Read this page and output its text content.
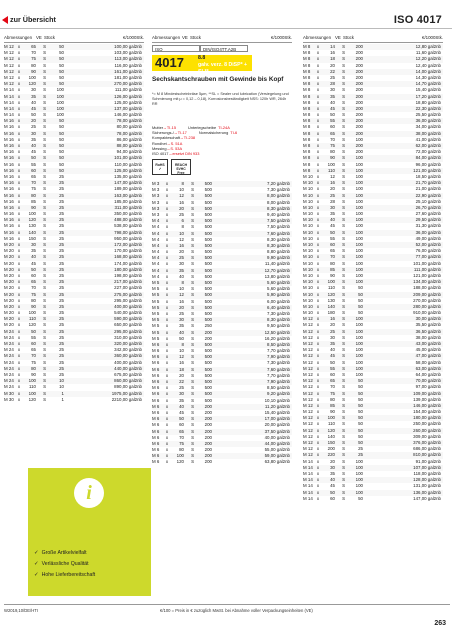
zur Übersicht	ISO 4017
Abmessungen VE Stück	€/1000Stk.
M 12 x	65	S	50	100,00 gal2nb
M 12 x	70	S	50	103,00 gal2nb
M 12 x	75	S	50	113,00 gal2nb
M 12 x	80	S	50	116,00 gal2nb
M 12 x	90	S	50	161,00 gal2nb
M 12 x	100	S	50	181,00 gal2nb
M 12 x	120	S	50	270,00 gal2nb
M 14 x	30	S	100	111,00 gal2nb
M 14 x	35	S	100	126,00 gal2nb
M 14 x	40	S	100	125,00 gal2nb
M 14 x	45	S	100	137,00 gal2nb
M 14 x	50	S	100	146,00 gal2nb
M 16 x	20	S	50	78,00 gal2nb
M 16 x	25	S	50	80,00 gal2nb
M 16 x	30	S	50	78,00 gal2nb
M 16 x	35	S	50	86,00 gal2nb
M 16 x	40	S	50	88,00 gal2nb
M 16 x	45	S	50	94,00 gal2nb
M 16 x	50	S	50	101,00 gal2nb
M 16 x	55	S	50	110,00 gal2nb
M 16 x	60	S	50	125,00 gal2nb
M 16 x	65	S	25	135,00 gal2nb
M 16 x	70	S	25	147,00 gal2nb
M 16 x	75	S	25	189,00 gal2nb
M 16 x	80	S	25	163,00 gal2nb
M 16 x	85	S	25	185,00 gal2nb
M 16 x	90	S	25	311,00 gal2nb
M 16 x	100	S	25	350,00 gal2nb
M 16 x	120	S	25	488,00 gal2nb
M 16 x	130	S	25	538,00 gal2nb
M 16 x	140	S	25	798,00 gal2nb
M 16 x	150	S	25	950,00 gal2nb
M 20 x	30	S	25	172,00 gal2nb
M 20 x	35	S	25	170,00 gal2nb
M 20 x	40	S	25	168,00 gal2nb
M 20 x	45	S	25	174,00 gal2nb
M 20 x	50	S	25	180,00 gal2nb
M 20 x	60	S	25	198,00 gal2nb
M 20 x	65	S	25	217,00 gal2nb
M 20 x	70	S	25	227,00 gal2nb
M 20 x	75	S	25	275,00 gal2nb
M 20 x	80	S	25	295,00 gal2nb
M 20 x	90	S	25	400,00 gal2nb
M 20 x	100	S	25	540,00 gal2nb
M 20 x	110	S	25	590,00 gal2nb
M 20 x	120	S	25	650,00 gal2nb
M 24 x	50	S	25	295,00 gal2nb
M 24 x	55	S	25	310,00 gal2nb
M 24 x	60	S	25	320,00 gal2nb
M 24 x	65	S	25	342,00 gal2nb
M 24 x	70	S	25	360,00 gal2nb
M 24 x	75	S	25	400,00 gal2nb
M 24 x	80	S	25	440,00 gal2nb
M 24 x	90	S	25	675,00 gal2nb
M 24 x	100	S	10	860,00 gal2nb
M 24 x	110	S	10	890,00 gal2nb
M 30 x	100	S	1	1975,00 gal2nb
M 30 x	120	S	1	2210,00 gal2nb
Abmessungen VE Stück	€/1000Stk.
ISO	DIN/ISO4TT.A2B
4017	8.8
galv. verz. 8 DiSP* + SL**
Sechskantschrauben mit Gewinde bis Kopf
*= M 8 Mindestscheinbräse 5μm, **SL = Sealer und lubrication (Versiegelung und Schmierung mit μ = 0,12 – 0,18), Korrosionsbeständigkeit NSS: 120h WR, 264h RR
Mutter → TI-15	Unterlegscheibe TI-24A
Sicherungs-/ → TI-17	Normalsicherung TI-6
Kompakteschaft → TI-238
Rondhet → S. 51A
Messing → S. 53A
ISO 4017 → ersetzt DIN 933
RoHS
✓
REACH
SVHC
Free
M 3	x	8	S	500	7,20 gal2nb
M 3	x	10	S	500	7,30 gal2nb
M 3	x	12	S	500	8,00 gal2nb
M 3	x	16	S	500	8,00 gal2nb
M 3	x	20	S	500	8,30 gal2nb
M 3	x	25	S	500	9,40 gal2nb
M 4	x	6	S	500	7,50 gal2nb
M 4	x	8	S	500	7,50 gal2nb
M 4	x	10	S	500	7,60 gal2nb
M 4	x	12	S	500	8,30 gal2nb
M 4	x	16	S	500	8,30 gal2nb
M 4	x	20	S	500	8,80 gal2nb
M 4	x	25	S	500	9,90 gal2nb
M 4	x	30	S	500	11,40 gal2nb
M 4	x	35	S	500	12,70 gal2nb
M 4	x	40	S	500	13,80 gal2nb
M 5	x	8	S	500	5,60 gal2nb
M 5	x	10	S	500	5,60 gal2nb
M 5	x	12	S	500	5,90 gal2nb
M 5	x	16	S	500	6,00 gal2nb
M 5	x	20	S	500	6,40 gal2nb
M 5	x	25	S	500	7,30 gal2nb
M 5	x	30	S	500	8,30 gal2nb
M 5	x	35	S	250	9,50 gal2nb
M 5	x	40	S	200	12,50 gal2nb
M 5	x	50	S	200	16,20 gal2nb
M 6	x	8	S	500	8,50 gal2nb
M 6	x	10	S	500	7,70 gal2nb
M 6	x	12	S	500	7,90 gal2nb
M 6	x	16	S	500	7,30 gal2nb
M 6	x	18	S	500	7,60 gal2nb
M 6	x	20	S	500	7,70 gal2nb
M 6	x	22	S	500	7,90 gal2nb
M 6	x	25	S	500	8,50 gal2nb
M 6	x	30	S	500	9,20 gal2nb
M 6	x	35	S	500	10,10 gal2nb
M 6	x	40	S	200	11,20 gal2nb
M 6	x	45	S	200	15,40 gal2nb
M 6	x	50	S	200	17,00 gal2nb
M 6	x	60	S	200	20,00 gal2nb
M 6	x	65	S	200	37,50 gal2nb
M 6	x	70	S	200	40,00 gal2nb
M 6	x	75	S	200	44,00 gal2nb
M 6	x	80	S	200	55,00 gal2nb
M 6	x	100	S	200	59,00 gal2nb
M 6	x	120	S	200	63,80 gal2nb
Abmessungen VE Stück	€/1000Stk.
M 8	x	14	S	200	12,80 gal2nb
M 8	x	16	S	200	11,60 gal2nb
M 8	x	18	S	200	12,20 gal2nb
M 8	x	20	S	200	12,40 gal2nb
M 8	x	22	S	200	14,00 gal2nb
M 8	x	25	S	200	14,30 gal2nb
M 8	x	28	S	200	14,70 gal2nb
M 8	x	30	S	200	15,40 gal2nb
M 8	x	35	S	200	17,20 gal2nb
M 8	x	40	S	200	18,80 gal2nb
M 8	x	45	S	200	22,30 gal2nb
M 8	x	50	S	200	25,50 gal2nb
M 8	x	55	S	200	36,00 gal2nb
M 8	x	60	S	200	34,00 gal2nb
M 8	x	65	S	200	38,00 gal2nb
M 8	x	70	S	100	41,00 gal2nb
M 8	x	75	S	200	62,00 gal2nb
M 8	x	80	S	200	72,00 gal2nb
M 8	x	90	S	100	84,00 gal2nb
M 8	x	100	S	100	96,00 gal2nb
M 8	x	110	S	100	121,00 gal2nb
M 10 x	12	S	100	18,50 gal2nb
M 10 x	16	S	100	21,70 gal2nb
M 10 x	20	S	100	21,00 gal2nb
M 10 x	25	S	100	22,90 gal2nb
M 10 x	28	S	100	25,10 gal2nb
M 10 x	30	S	100	26,70 gal2nb
M 10 x	35	S	100	27,60 gal2nb
M 10 x	40	S	100	29,50 gal2nb
M 10 x	45	S	100	31,30 gal2nb
M 10 x	50	S	100	36,00 gal2nb
M 10 x	55	S	100	49,00 gal2nb
M 10 x	60	S	100	52,00 gal2nb
M 10 x	65	S	100	76,00 gal2nb
M 10 x	70	S	100	77,00 gal2nb
M 10 x	80	S	100	101,00 gal2nb
M 10 x	85	S	100	111,00 gal2nb
M 10 x	90	S	100	121,00 gal2nb
M 10 x	100	S	100	134,00 gal2nb
M 10 x	110	S	50	188,00 gal2nb
M 10 x	120	S	50	209,00 gal2nb
M 10 x	130	S	50	270,00 gal2nb
M 10 x	140	S	50	280,00 gal2nb
M 10 x	180	S	50	910,00 gal2nb
M 12 x	16	S	100	30,00 gal2nb
M 12 x	20	S	100	35,50 gal2nb
M 12 x	25	S	100	36,50 gal2nb
M 12 x	30	S	100	38,00 gal2nb
M 12 x	35	S	100	43,00 gal2nb
M 12 x	40	S	100	45,00 gal2nb
M 12 x	45	S	100	47,00 gal2nb
M 12 x	50	S	100	58,00 gal2nb
M 12 x	55	S	100	63,00 gal2nb
M 12 x	60	S	100	64,00 gal2nb
M 12 x	65	S	50	70,00 gal2nb
M 12 x	70	S	50	97,00 gal2nb
M 12 x	75	S	50	109,00 gal2nb
M 12 x	80	S	50	139,00 gal2nb
M 12 x	85	S	50	146,00 gal2nb
M 12 x	90	S	50	154,00 gal2nb
M 12 x	100	S	50	180,00 gal2nb
M 12 x	110	S	50	250,00 gal2nb
M 12 x	120	S	50	260,00 gal2nb
M 12 x	140	S	50	309,00 gal2nb
M 12 x	150	S	50	376,00 gal2nb
M 12 x	200	S	25	686,00 gal2nb
M 12 x	220	S	25	810,00 gal2nb
M 14 x	20	S	100	91,00 gal2nb
M 14 x	30	S	100	107,00 gal2nb
M 14 x	35	S	100	118,00 gal2nb
M 14 x	40	S	100	128,00 gal2nb
M 14 x	45	S	100	131,00 gal2nb
M 14 x	50	S	100	136,00 gal2nb
M 14 x	60	S	50	147,00 gal2nb
i
✓ Große Artikelvielfalt
✓ Verlässliche Qualität
✓ Hohe Lieferbereitschaft
W2019,10/DE/HTI	€/100 = Preis in € zuzüglich MwSt. bei Abnahme voller Verpackungseinheiten (VE)
263
